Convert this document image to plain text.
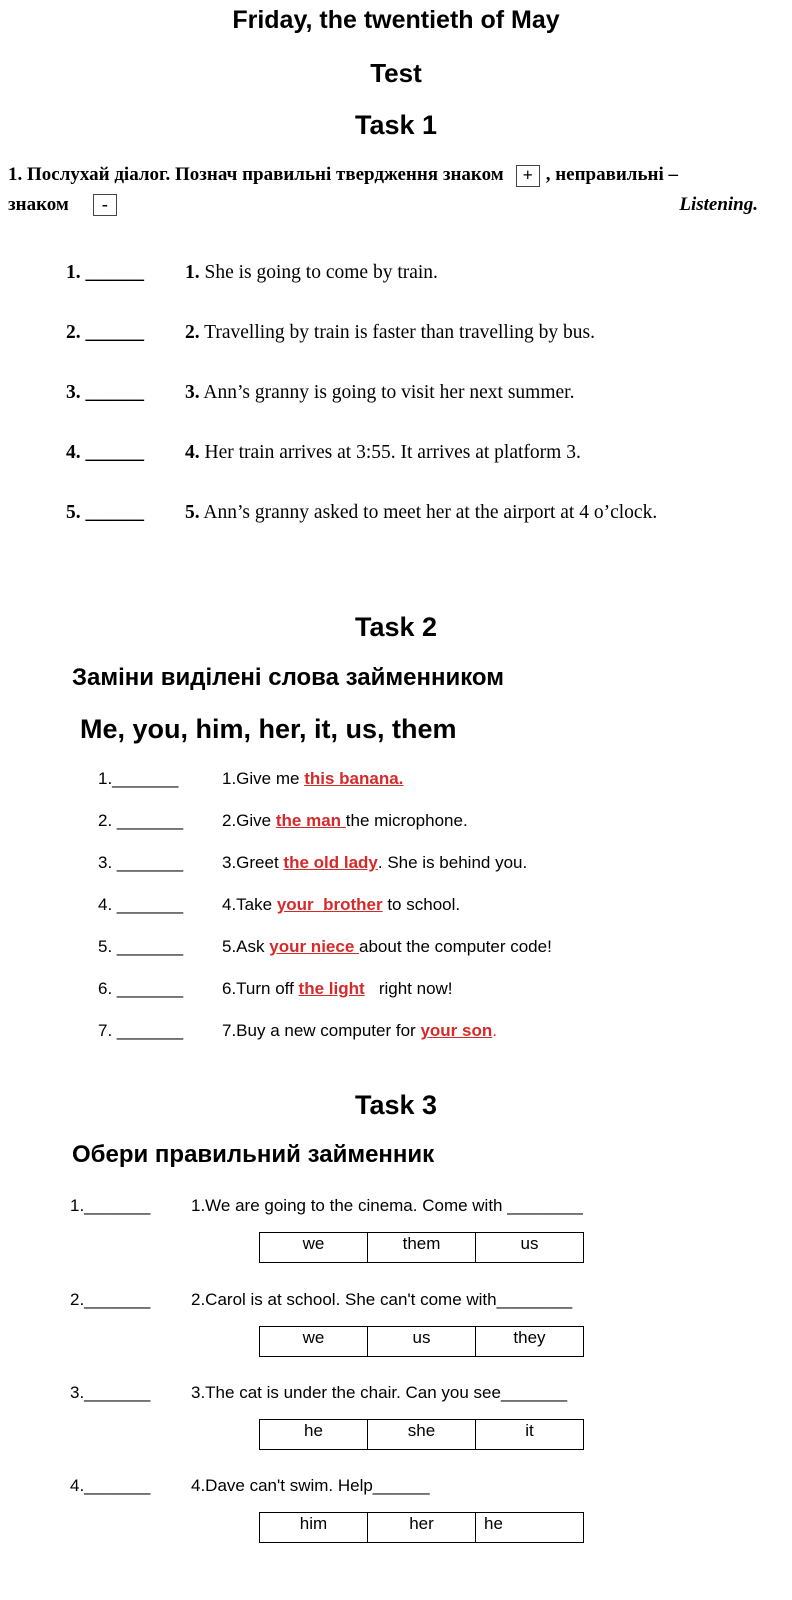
Friday, the twentieth of May
Test
Task 1
1. Послухай діалог. Познач правильні твердження знаком + , неправильні –
знаком -	Listening.
1. ______	1. She is going to come by train.
2. ______	2. Travelling by train is faster than travelling by bus.
3. ______	3. Ann’s granny is going to visit her next summer.
4. ______	4. Her train arrives at 3:55. It arrives at platform 3.
5. ______	5. Ann’s granny asked to meet her at the airport at 4 o’clock.
Task 2
Заміни виділені слова займенником
Me, you, him, her, it, us, them
1._______	1.Give me this banana.
2. _______	2.Give the man the microphone.
3. _______	3.Greet the old lady. She is behind you.
4. _______	4.Take your  brother to school.
5. _______	5.Ask your niece about the computer code!
6. _______	6.Turn off the light   right now!
7. _______	7.Buy a new computer for your son.
Task 3
Обери правильний займенник
1._______	1.We are going to the cinema. Come with ________
we	them	us
2._______	2.Carol is at school. She can't come with________
we	us	they
3._______	3.The cat is under the chair. Can you see_______
he	she	it
4._______	4.Dave can't swim. Help______
him	her	he
